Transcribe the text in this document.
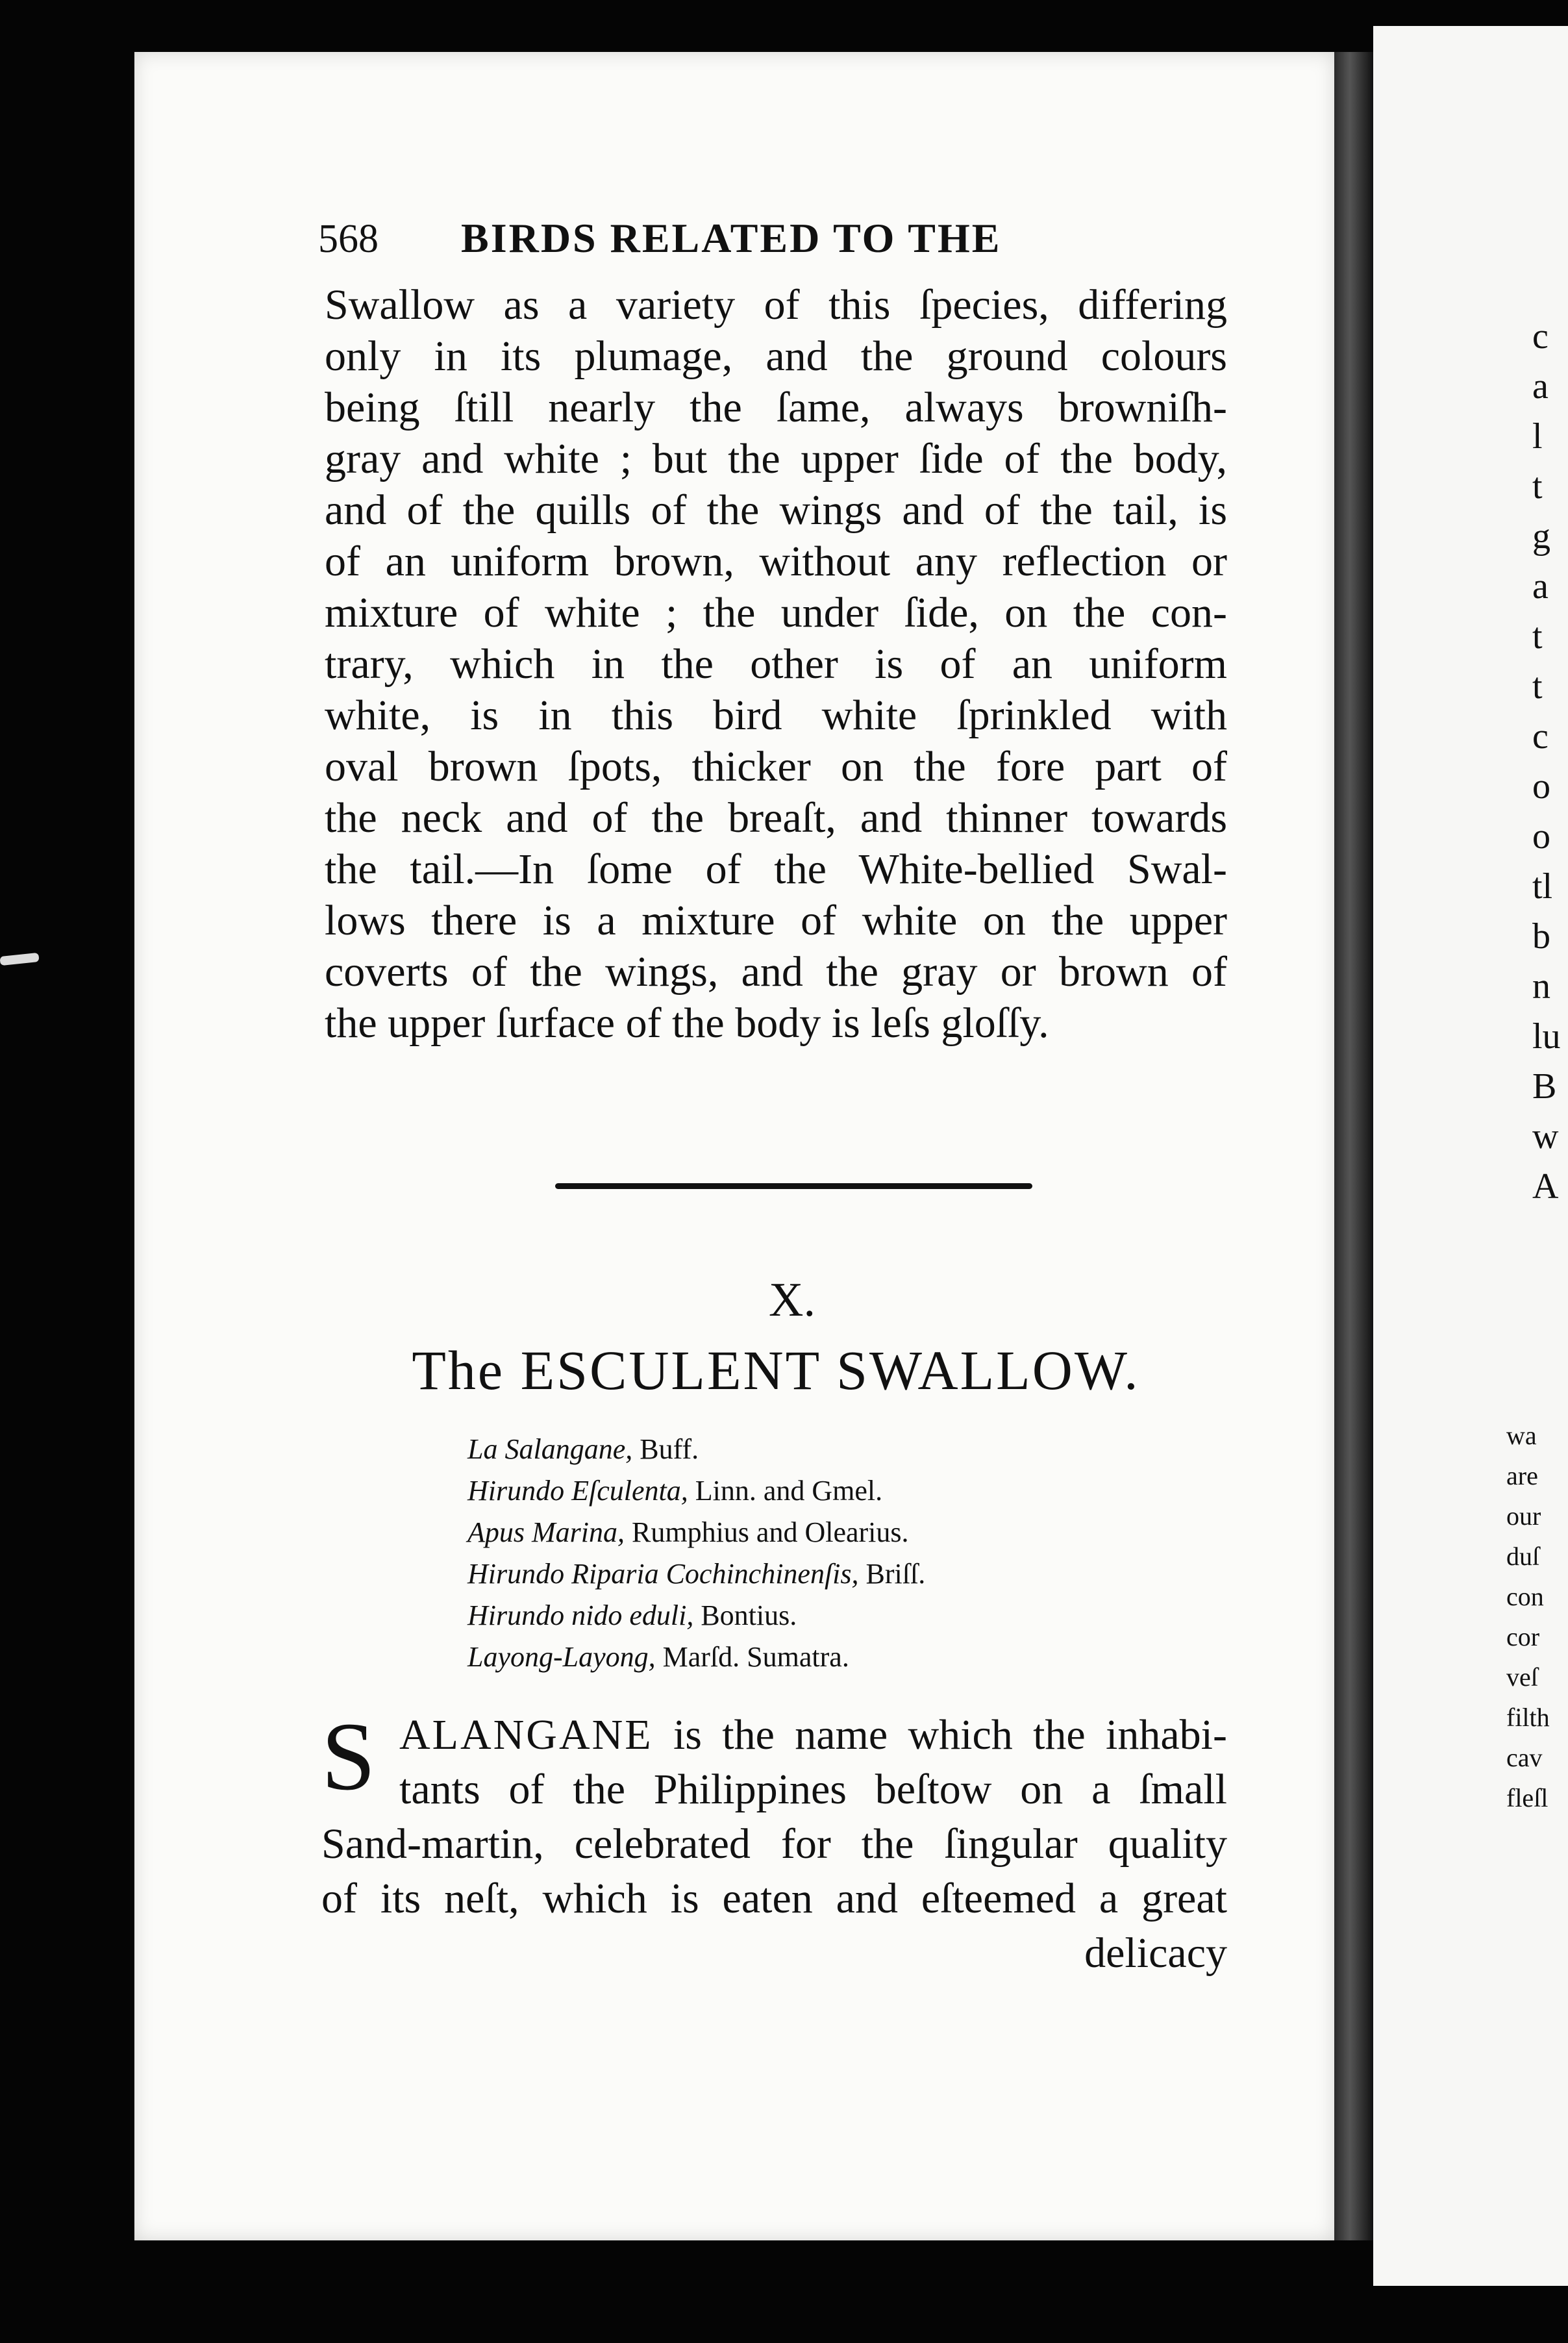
568	BIRDS RELATED TO THE
Swallow as a variety of this ſpecies, differing
only in its plumage, and the ground colours
being ſtill nearly the ſame, always browniſh-
gray and white ; but the upper ſide of the body,
and of the quills of the wings and of the tail, is
of an uniform brown, without any reflection or
mixture of white ; the under ſide, on the con-
trary, which in the other is of an uniform
white, is in this bird white ſprinkled with
oval brown ſpots, thicker on the fore part of
the neck and of the breaſt, and thinner towards
the tail.—In ſome of the White-bellied Swal-
lows there is a mixture of white on the upper
coverts of the wings, and the gray or brown of
the upper ſurface of the body is leſs gloſſy.
X.
The ESCULENT SWALLOW.
La Salangane, Buff.
Hirundo Eſculenta, Linn. and Gmel.
Apus Marina, Rumphius and Olearius.
Hirundo Riparia Cochinchinenſis, Briſſ.
Hirundo nido eduli, Bontius.
Layong-Layong, Marſd. Sumatra.
S ALANGANE is the name which the inhabi-
tants of the Philippines beſtow on a ſmall
Sand-martin, celebrated for the ſingular quality
of its neſt, which is eaten and eſteemed a great
delicacy
c
a
l
t
g
a
t
t
c
o
o
tl
b
n
lu
B
w
A
wa
are
our
duſ
con
cor
veſ
filth
cav
fleſl
